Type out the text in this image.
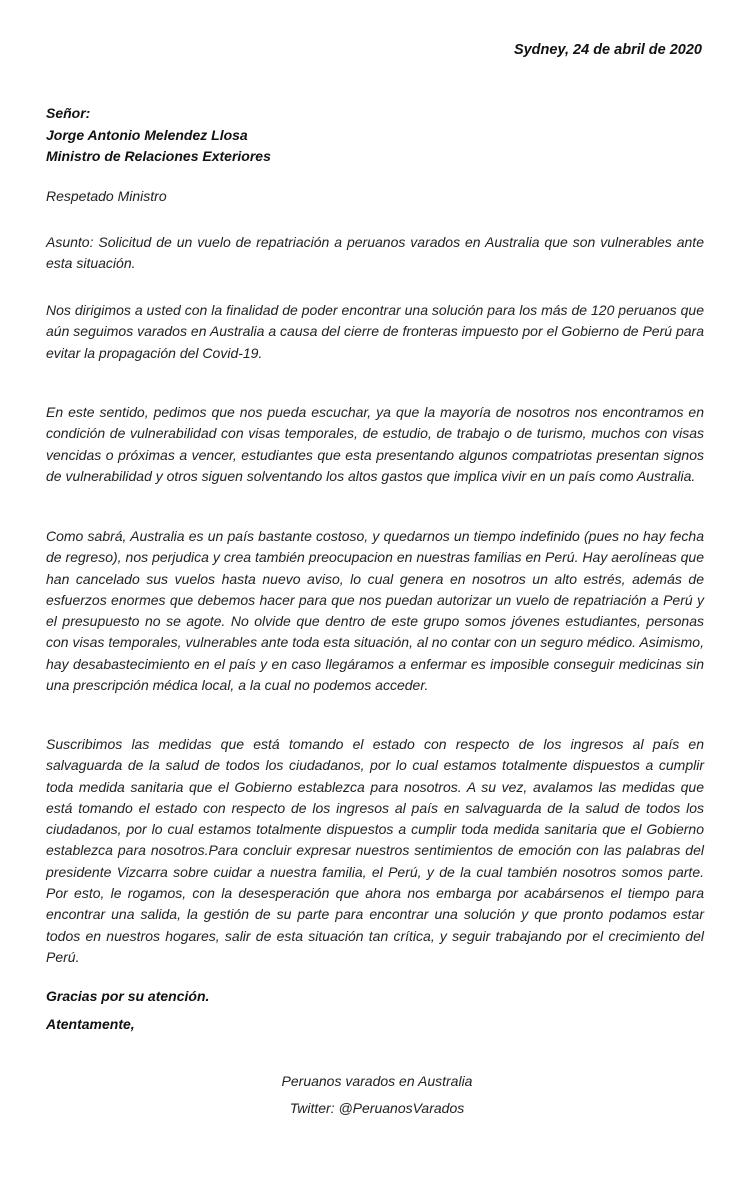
Sydney, 24 de abril de 2020
Señor:
Jorge Antonio Melendez Llosa
Ministro de Relaciones Exteriores
Respetado Ministro
Asunto: Solicitud de un vuelo de repatriación a peruanos varados en Australia que son vulnerables ante esta situación.
Nos dirigimos a usted con la finalidad de poder encontrar una solución para los más de 120 peruanos que aún seguimos varados en Australia a causa del cierre de fronteras impuesto por el Gobierno de Perú para evitar la propagación del Covid-19.
En este sentido, pedimos que nos pueda escuchar, ya que la mayoría de nosotros nos encontramos en condición de vulnerabilidad con visas temporales, de estudio, de trabajo o de turismo, muchos con visas vencidas o próximas a vencer, estudiantes que esta presentando algunos compatriotas presentan signos de vulnerabilidad y otros siguen solventando los altos gastos que implica vivir en un país como Australia.
Como sabrá, Australia es un país bastante costoso, y quedarnos un tiempo indefinido (pues no hay fecha de regreso), nos perjudica y crea también preocupacion en nuestras familias en Perú. Hay aerolíneas que han cancelado sus vuelos hasta nuevo aviso, lo cual genera en nosotros un alto estrés, además de esfuerzos enormes que debemos hacer para que nos puedan autorizar un vuelo de repatriación a Perú y el presupuesto no se agote. No olvide que dentro de este grupo somos jóvenes estudiantes, personas con visas temporales, vulnerables ante toda esta situación, al no contar con un seguro médico. Asimismo, hay desabastecimiento en el país y en caso llegáramos a enfermar es imposible conseguir medicinas sin una prescripción médica local, a la cual no podemos acceder.
Suscribimos las medidas que está tomando el estado con respecto de los ingresos al país en salvaguarda de la salud de todos los ciudadanos, por lo cual estamos totalmente dispuestos a cumplir toda medida sanitaria que el Gobierno establezca para nosotros. A su vez, avalamos las medidas que está tomando el estado con respecto de los ingresos al país en salvaguarda de la salud de todos los ciudadanos, por lo cual estamos totalmente dispuestos a cumplir toda medida sanitaria que el Gobierno establezca para nosotros.Para concluir expresar nuestros sentimientos de emoción con las palabras del presidente Vizcarra sobre cuidar a nuestra familia, el Perú, y de la cual también nosotros somos parte. Por esto, le rogamos, con la desesperación que ahora nos embarga por acabársenos el tiempo para encontrar una salida, la gestión de su parte para encontrar una solución y que pronto podamos estar todos en nuestros hogares, salir de esta situación tan crítica, y seguir trabajando por el crecimiento del Perú.
Gracias por su atención.
Atentamente,
Peruanos varados en Australia
Twitter: @PeruanosVarados
